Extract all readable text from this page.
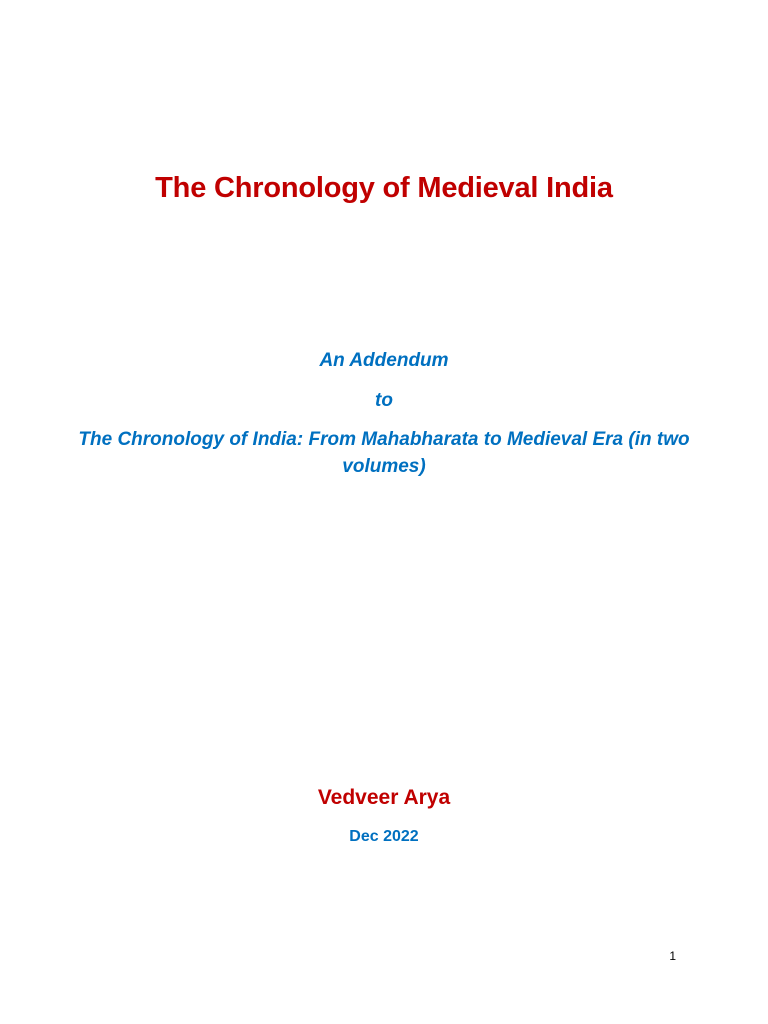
The Chronology of Medieval India
An Addendum
to
The Chronology of India: From Mahabharata to Medieval Era (in two volumes)
Vedveer Arya
Dec 2022
1
